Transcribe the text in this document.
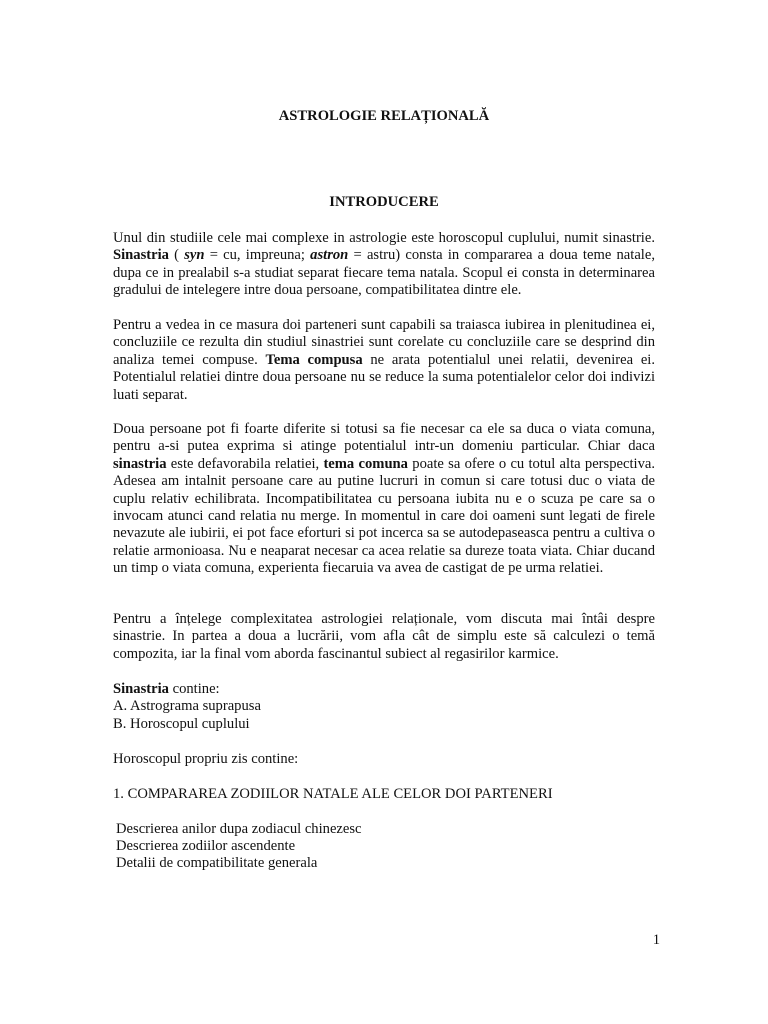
ASTROLOGIE RELAȚIONALĂ
INTRODUCERE

Unul din studiile cele mai complexe in astrologie este horoscopul cuplului, numit sinastrie. Sinastria ( syn = cu, impreuna; astron = astru) consta in compararea a doua teme natale, dupa ce in prealabil s-a studiat separat fiecare tema natala. Scopul ei consta in determinarea gradului de intelegere intre doua persoane, compatibilitatea dintre ele.

Pentru a vedea in ce masura doi parteneri sunt capabili sa traiasca iubirea in plenitudinea ei, concluziile ce rezulta din studiul sinastriei sunt corelate cu concluziile care se desprind din analiza temei compuse. Tema compusa ne arata potentialul unei relatii, devenirea ei. Potentialul relatiei dintre doua persoane nu se reduce la suma potentialelor celor doi indivizi luati separat.

Doua persoane pot fi foarte diferite si totusi sa fie necesar ca ele sa duca o viata comuna, pentru a-si putea exprima si atinge potentialul intr-un domeniu particular. Chiar daca sinastria este defavorabila relatiei, tema comuna poate sa ofere o cu totul alta perspectiva. Adesea am intalnit persoane care au putine lucruri in comun si care totusi duc o viata de cuplu relativ echilibrata. Incompatibilitatea cu persoana iubita nu e o scuza pe care sa o invocam atunci cand relatia nu merge. In momentul in care doi oameni sunt legati de firele nevazute ale iubirii, ei pot face eforturi si pot incerca sa se autodepaseasca pentru a cultiva o relatie armonioasa. Nu e neaparat necesar ca acea relatie sa dureze toata viata. Chiar ducand un timp o viata comuna, experienta fiecaruia va avea de castigat de pe urma relatiei.

Pentru a înțelege complexitatea astrologiei relaționale, vom discuta mai întâi despre sinastrie. In partea a doua a lucrării, vom afla cât de simplu este să calculezi o temă compozita, iar la final vom aborda fascinantul subiect al regasirilor karmice.

Sinastria contine:

A. Astrograma suprapusa

B. Horoscopul cuplului

Horoscopul propriu zis contine:

1. COMPARAREA ZODIILOR NATALE ALE CELOR DOI PARTENERI

Descrierea anilor dupa zodiacul chinezesc

Descrierea zodiilor ascendente

Detalii de compatibilitate generala

1
